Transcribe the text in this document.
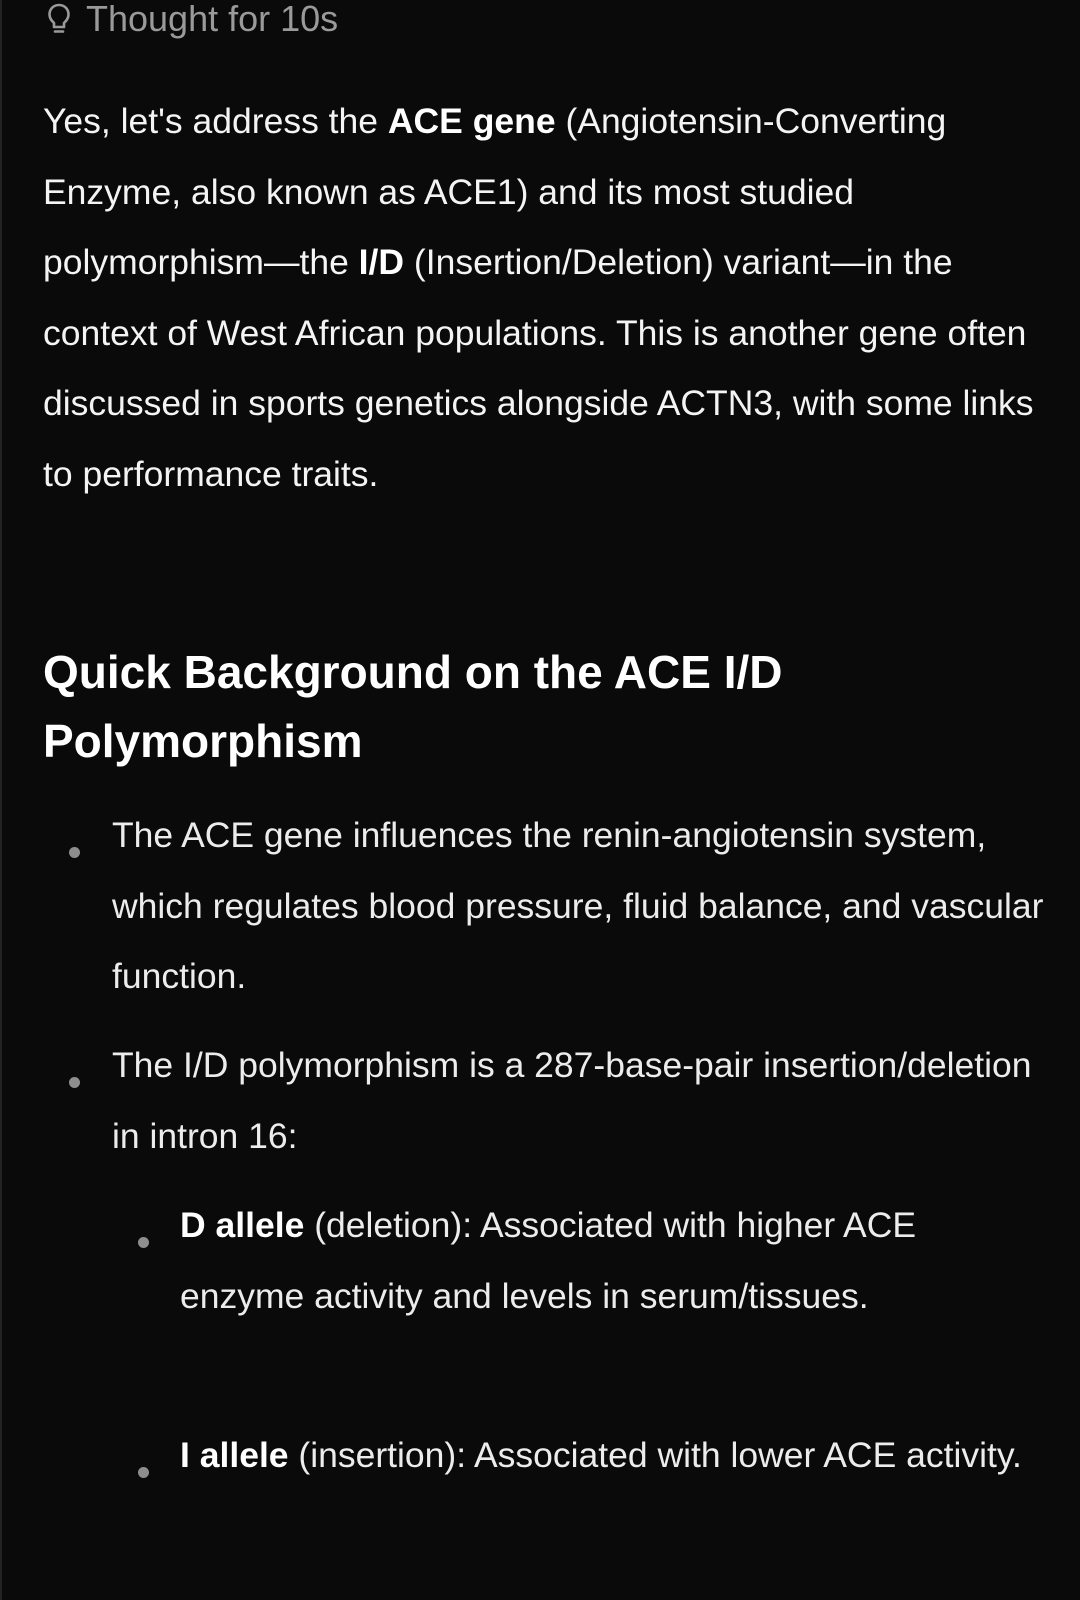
Thought for 10s

Yes, let's address the ACE gene (Angiotensin-Converting Enzyme, also known as ACE1) and its most studied polymorphism—the I/D (Insertion/Deletion) variant—in the context of West African populations. This is another gene often discussed in sports genetics alongside ACTN3, with some links to performance traits.

Quick Background on the ACE I/D Polymorphism

The ACE gene influences the renin-angiotensin system, which regulates blood pressure, fluid balance, and vascular function.

The I/D polymorphism is a 287-base-pair insertion/deletion in intron 16:

D allele (deletion): Associated with higher ACE enzyme activity and levels in serum/tissues.

I allele (insertion): Associated with lower ACE activity.
